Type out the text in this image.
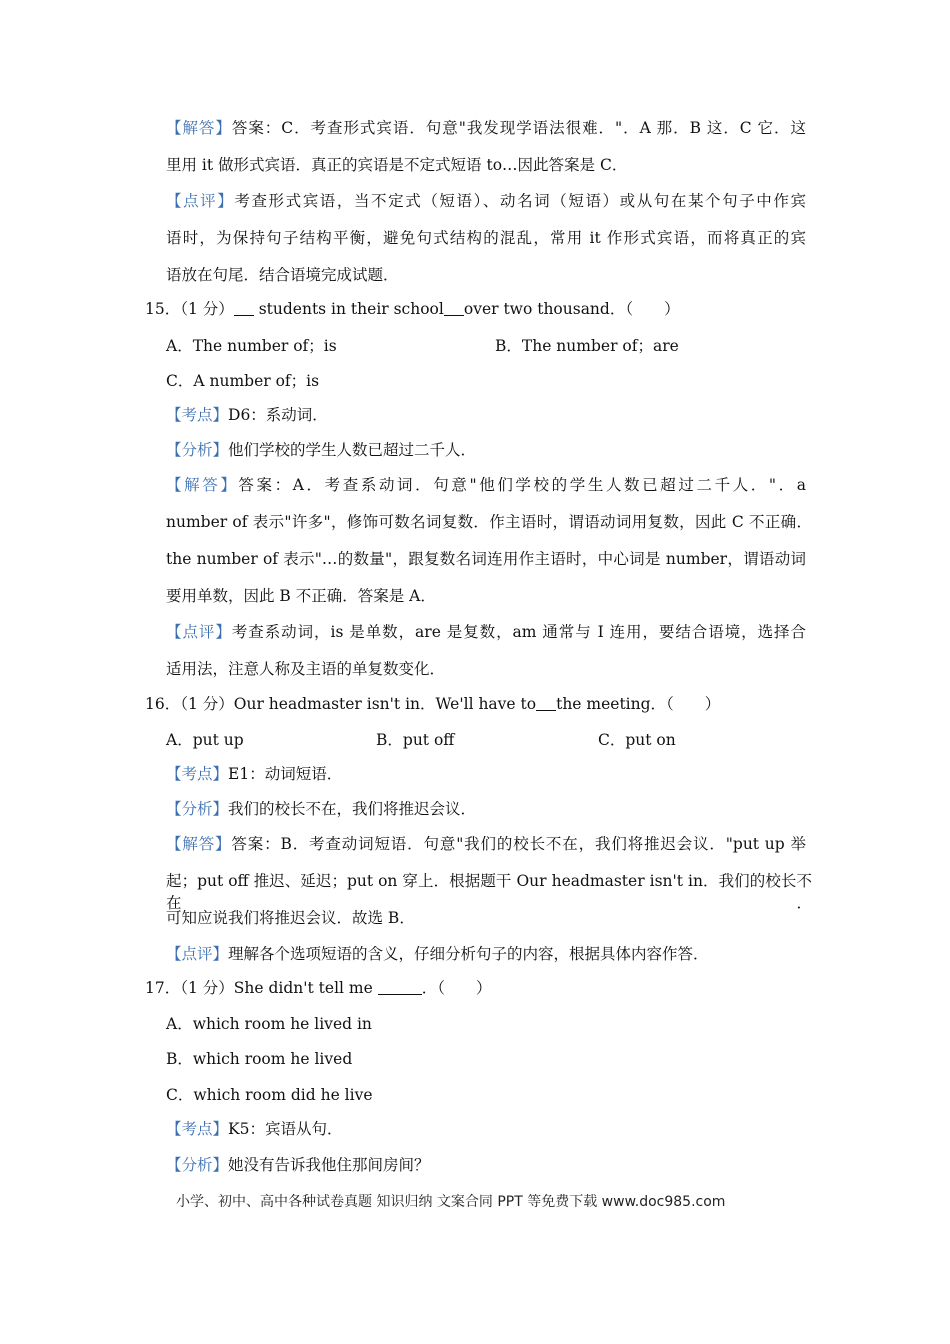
【解答】答案：C．考查形式宾语．句意"我发现学语法很难．"．A 那．B 这．C 它．这
里用 it 做形式宾语．真正的宾语是不定式短语 to…因此答案是 C．
【点评】考查形式宾语，当不定式（短语）、动名词（短语）或从句在某个句子中作宾
语时，为保持句子结构平衡，避免句式结构的混乱，常用 it 作形式宾语，而将真正的宾
语放在句尾．结合语境完成试题．
15．（1 分） students in their school over two thousand．（　　）
A．The number of；is	B．The number of；are
C．A number of；is
【考点】D6：系动词．
【分析】他们学校的学生人数已超过二千人．
【解答】答案：A．考查系动词．句意"他们学校的学生人数已超过二千人．"．a
number of 表示"许多"，修饰可数名词复数．作主语时，谓语动词用复数，因此 C 不正确．
the number of 表示"…的数量"，跟复数名词连用作主语时，中心词是 number，谓语动词
要用单数，因此 B 不正确．答案是 A．
【点评】考查系动词，is 是单数，are 是复数，am 通常与 I 连用，要结合语境，选择合
适用法，注意人称及主语的单复数变化．
16．（1 分）Our headmaster isn't in．We'll have to the meeting．（　　）
A．put up	B．put off	C．put on
【考点】E1：动词短语．
【分析】我们的校长不在，我们将推迟会议．
【解答】答案：B．考查动词短语．句意"我们的校长不在，我们将推迟会议．"put up 举
起；put off 推迟、延迟；put on 穿上．根据题干 Our headmaster isn't in．我们的校长不在．
可知应说我们将推迟会议．故选 B．
【点评】理解各个选项短语的含义，仔细分析句子的内容，根据具体内容作答．
17．（1 分）She didn't tell me	．（　　）
A．which room he lived in
B．which room he lived
C．which room did he live
【考点】K5：宾语从句．
【分析】她没有告诉我他住那间房间？
小学、初中、高中各种试卷真题 知识归纳 文案合同 PPT 等免费下载 www.doc985.com
